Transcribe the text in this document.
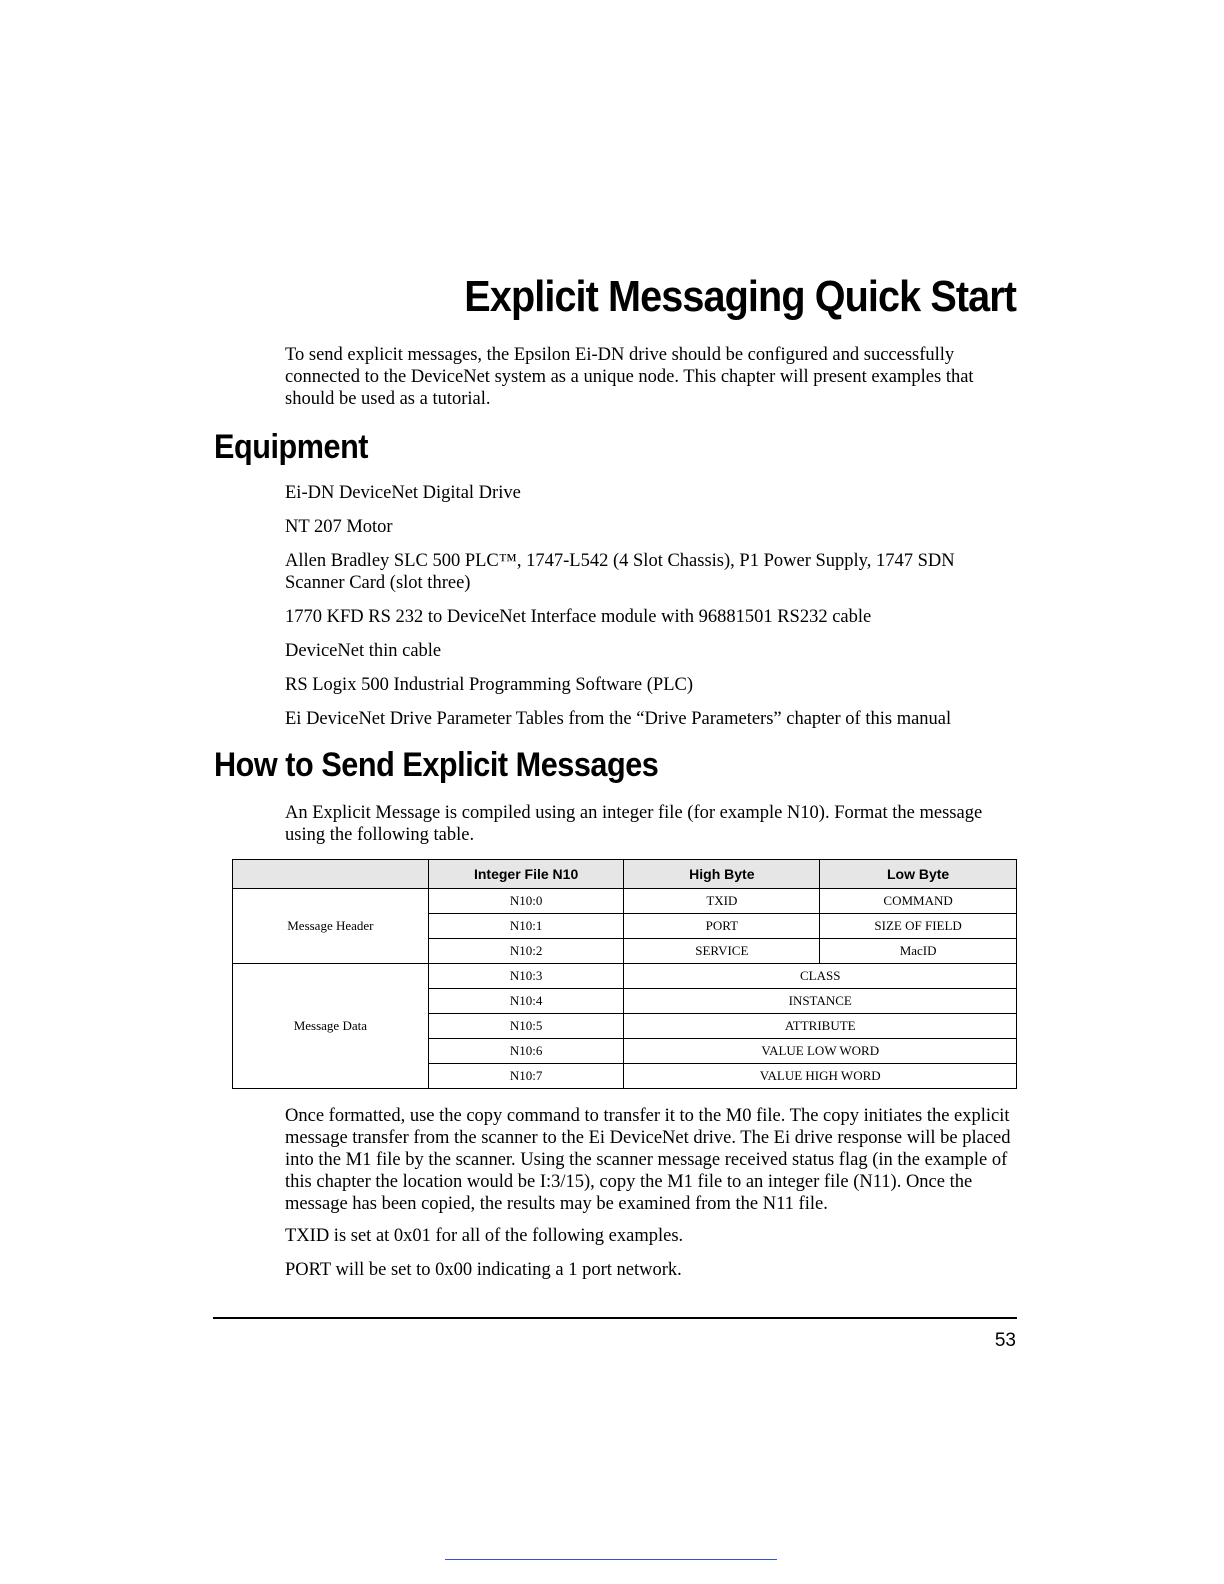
Explicit Messaging Quick Start

To send explicit messages, the Epsilon Ei-DN drive should be configured and successfully connected to the DeviceNet system as a unique node. This chapter will present examples that should be used as a tutorial.

Equipment
Ei-DN DeviceNet Digital Drive
NT 207 Motor
Allen Bradley SLC 500 PLC™, 1747-L542 (4 Slot Chassis), P1 Power Supply, 1747 SDN Scanner Card (slot three)
1770 KFD RS 232 to DeviceNet Interface module with 96881501 RS232 cable
DeviceNet thin cable
RS Logix 500 Industrial Programming Software (PLC)
Ei DeviceNet Drive Parameter Tables from the “Drive Parameters” chapter of this manual
How to Send Explicit Messages

An Explicit Message is compiled using an integer file (for example N10). Format the message using the following table.

	Integer File N10	High Byte	Low Byte
Message Header	N10:0	TXID	COMMAND
	N10:1	PORT	SIZE OF FIELD
	N10:2	SERVICE	MacID
Message Data	N10:3	CLASS	
	N10:4	INSTANCE	
	N10:5	ATTRIBUTE	
	N10:6	VALUE LOW WORD	
	N10:7	VALUE HIGH WORD	

Once formatted, use the copy command to transfer it to the M0 file. The copy initiates the explicit message transfer from the scanner to the Ei DeviceNet drive. The Ei drive response will be placed into the M1 file by the scanner. Using the scanner message received status flag (in the example of this chapter the location would be I:3/15), copy the M1 file to an integer file (N11). Once the message has been copied, the results may be examined from the N11 file.

TXID is set at 0x01 for all of the following examples.

PORT will be set to 0x00 indicating a 1 port network.

53
